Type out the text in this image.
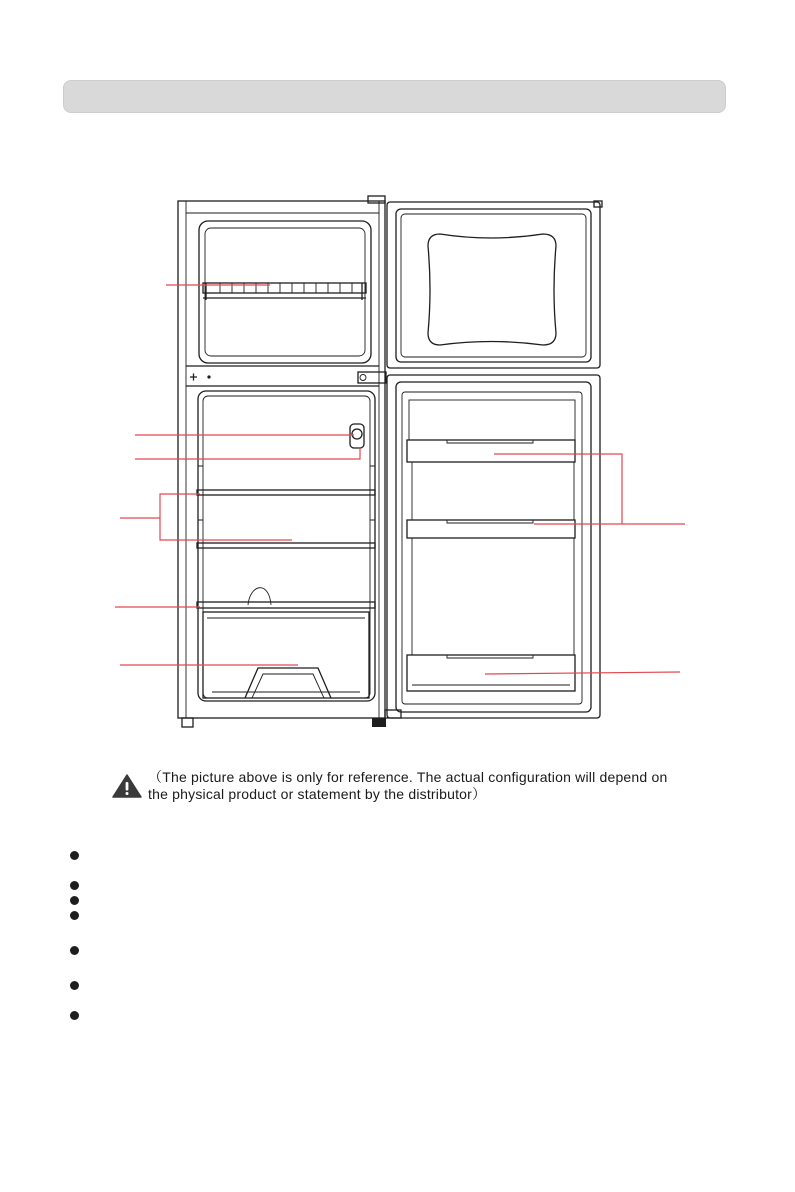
（The picture above is only for reference. The actual configuration will depend on
the physical product or statement by the distributor）
